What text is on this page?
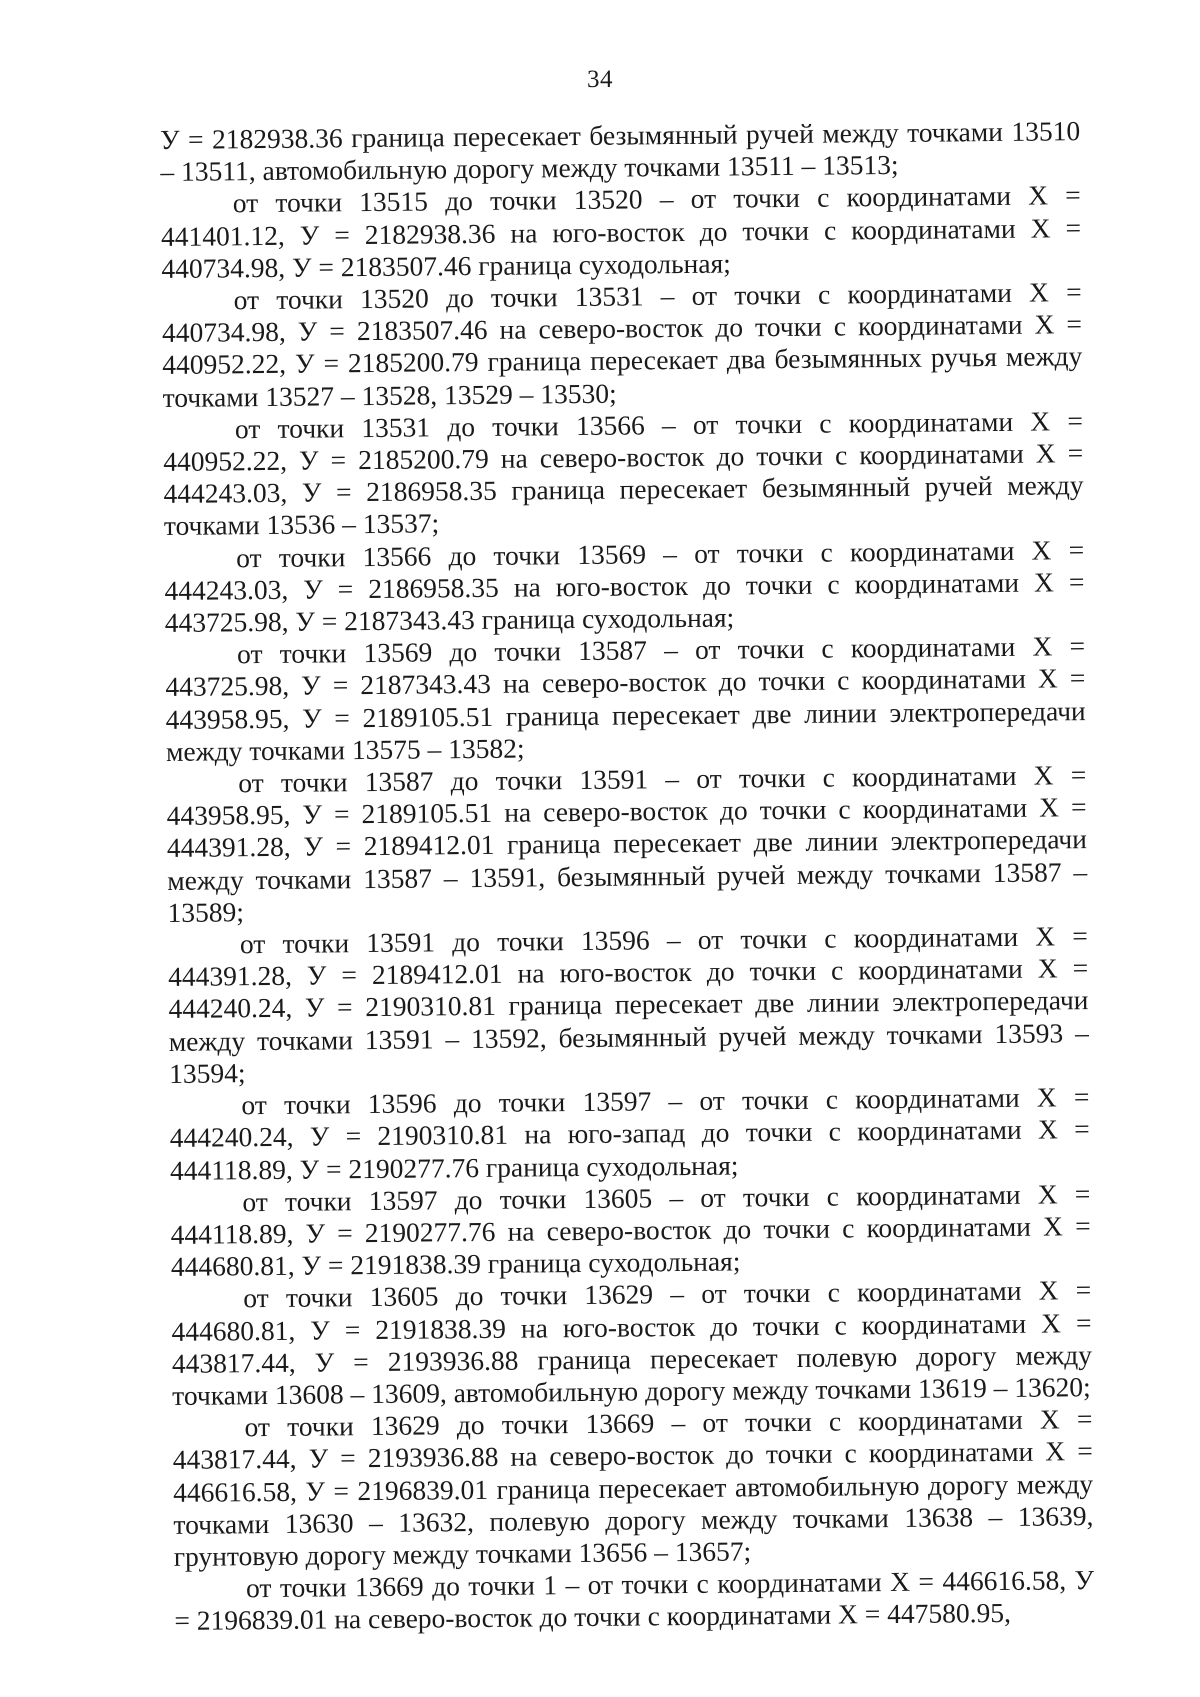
34

У = 2182938.36 граница пересекает безымянный ручей между точками 13510 – 13511, автомобильную дорогу между точками 13511 – 13513;

от точки 13515 до точки 13520 – от точки с координатами Х = 441401.12, У = 2182938.36 на юго-восток до точки с координатами Х = 440734.98, У = 2183507.46 граница суходольная;

от точки 13520 до точки 13531 – от точки с координатами Х = 440734.98, У = 2183507.46 на северо-восток до точки с координатами Х = 440952.22, У = 2185200.79 граница пересекает два безымянных ручья между точками 13527 – 13528, 13529 – 13530;

от точки 13531 до точки 13566 – от точки с координатами Х = 440952.22, У = 2185200.79 на северо-восток до точки с координатами Х = 444243.03, У = 2186958.35 граница пересекает безымянный ручей между точками 13536 – 13537;

от точки 13566 до точки 13569 – от точки с координатами Х = 444243.03, У = 2186958.35 на юго-восток до точки с координатами Х = 443725.98, У = 2187343.43 граница суходольная;

от точки 13569 до точки 13587 – от точки с координатами Х = 443725.98, У = 2187343.43 на северо-восток до точки с координатами Х = 443958.95, У = 2189105.51 граница пересекает две линии электропередачи между точками 13575 – 13582;

от точки 13587 до точки 13591 – от точки с координатами Х = 443958.95, У = 2189105.51 на северо-восток до точки с координатами Х = 444391.28, У = 2189412.01 граница пересекает две линии электропередачи между точками 13587 – 13591, безымянный ручей между точками 13587 – 13589;

от точки 13591 до точки 13596 – от точки с координатами Х = 444391.28, У = 2189412.01 на юго-восток до точки с координатами Х = 444240.24, У = 2190310.81 граница пересекает две линии электропередачи между точками 13591 – 13592, безымянный ручей между точками 13593 – 13594;

от точки 13596 до точки 13597 – от точки с координатами Х = 444240.24, У = 2190310.81 на юго-запад до точки с координатами Х = 444118.89, У = 2190277.76 граница суходольная;

от точки 13597 до точки 13605 – от точки с координатами Х = 444118.89, У = 2190277.76 на северо-восток до точки с координатами Х = 444680.81, У = 2191838.39 граница суходольная;

от точки 13605 до точки 13629 – от точки с координатами Х = 444680.81, У = 2191838.39 на юго-восток до точки с координатами Х = 443817.44, У = 2193936.88 граница пересекает полевую дорогу между точками 13608 – 13609, автомобильную дорогу между точками 13619 – 13620;

от точки 13629 до точки 13669 – от точки с координатами Х = 443817.44, У = 2193936.88 на северо-восток до точки с координатами Х = 446616.58, У = 2196839.01 граница пересекает автомобильную дорогу между точками 13630 – 13632, полевую дорогу между точками 13638 – 13639, грунтовую дорогу между точками 13656 – 13657;

от точки 13669 до точки 1 – от точки с координатами Х = 446616.58, У = 2196839.01 на северо-восток до точки с координатами Х = 447580.95,
